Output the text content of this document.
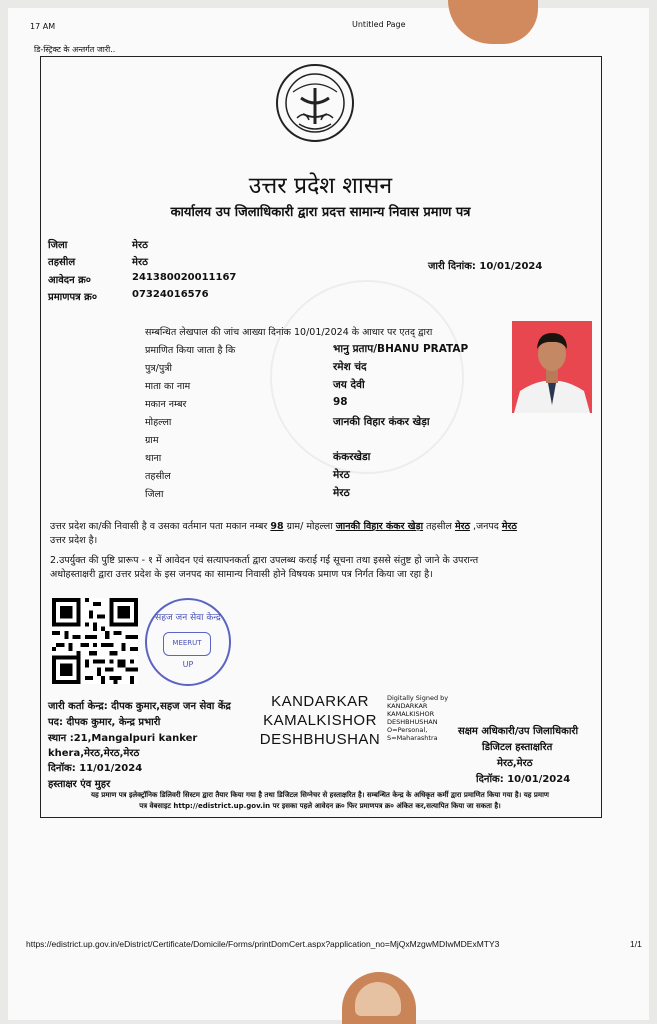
17 AM	Untitled Page
डि-स्ट्रिक्ट के अन्तर्गत जारी..
उत्तर प्रदेश शासन
कार्यालय उप जिलाधिकारी द्वारा प्रदत्त सामान्य निवास प्रमाण पत्र
जिला	मेरठ
तहसील	मेरठ
आवेदन क्र०	241380020011167
प्रमाणपत्र क्र०	07324016576
जारी दिनांक: 10/01/2024
सम्बन्धित लेखपाल की जांच आख्या दिनांक 10/01/2024 के आधार पर एतद् द्वारा
प्रमाणित किया जाता है कि	भानु प्रताप/BHANU PRATAP
पुत्र/पुत्री	रमेश चंद
माता का नाम	जय देवी
मकान नम्बर	98
मोहल्ला	जानकी विहार कंकर खेड़ा
ग्राम
थाना	कंकरखेडा
तहसील	मेरठ
जिला	मेरठ
उत्तर प्रदेश का/की निवासी है व उसका वर्तमान पता मकान नम्बर 98 ग्राम/ मोहल्ला जानकी विहार कंकर खेड़ा तहसील मेरठ ,जनपद मेरठ
उत्तर प्रदेश है।
2.उपर्युक्त की पुष्टि प्रारूप - १ में आवेदन एवं सत्यापनकर्ता द्वारा उपलब्ध कराई गई सूचना तथा इससे संतुष्ट हो जाने के उपरान्त
अधोहस्ताक्षरी द्वारा उत्तर प्रदेश के इस जनपद का सामान्य निवासी होने विषयक प्रमाण पत्र निर्गत किया जा रहा है।
सहज जन सेवा केन्द्र
MEERUT
UP
जारी कर्ता केन्द्र: दीपक कुमार,सहज जन सेवा केंद्र
पद: दीपक कुमार, केन्द्र प्रभारी
स्थान :21,Mangalpuri kanker
khera,मेरठ,मेरठ,मेरठ
दिनॉक: 11/01/2024
हस्ताक्षर एंव मुहर
KANDARKAR
KAMALKISHOR
DESHBHUSHAN
Digitally Signed by
KANDARKAR
KAMALKISHOR
DESHBHUSHAN
O=Personal,
S=Maharashtra
सक्षम अधिकारी/उप जिलाधिकारी
डिजिटल हस्ताक्षरित
मेरठ,मेरठ
दिनॉक: 10/01/2024
यह प्रमाण पत्र इलेक्ट्रॉनिक डिलिवरी सिस्टम द्वारा तैयार किया गया है तथा डिजिटल सिग्नेचर से हस्ताक्षरित है। सम्बन्धित केन्द्र के अधिकृत कर्मी द्वारा प्रमाणित किया गया है। यह प्रमाण
पत्र वेबसाइट http://edistrict.up.gov.in पर इसका पहले आवेदन क्र० फिर प्रमाणपत्र क्र० अंकित कर,सत्यापित किया जा सकता है।
https://edistrict.up.gov.in/eDistrict/Certificate/Domicile/Forms/printDomCert.aspx?application_no=MjQxMzgwMDIwMDExMTY3	1/1
